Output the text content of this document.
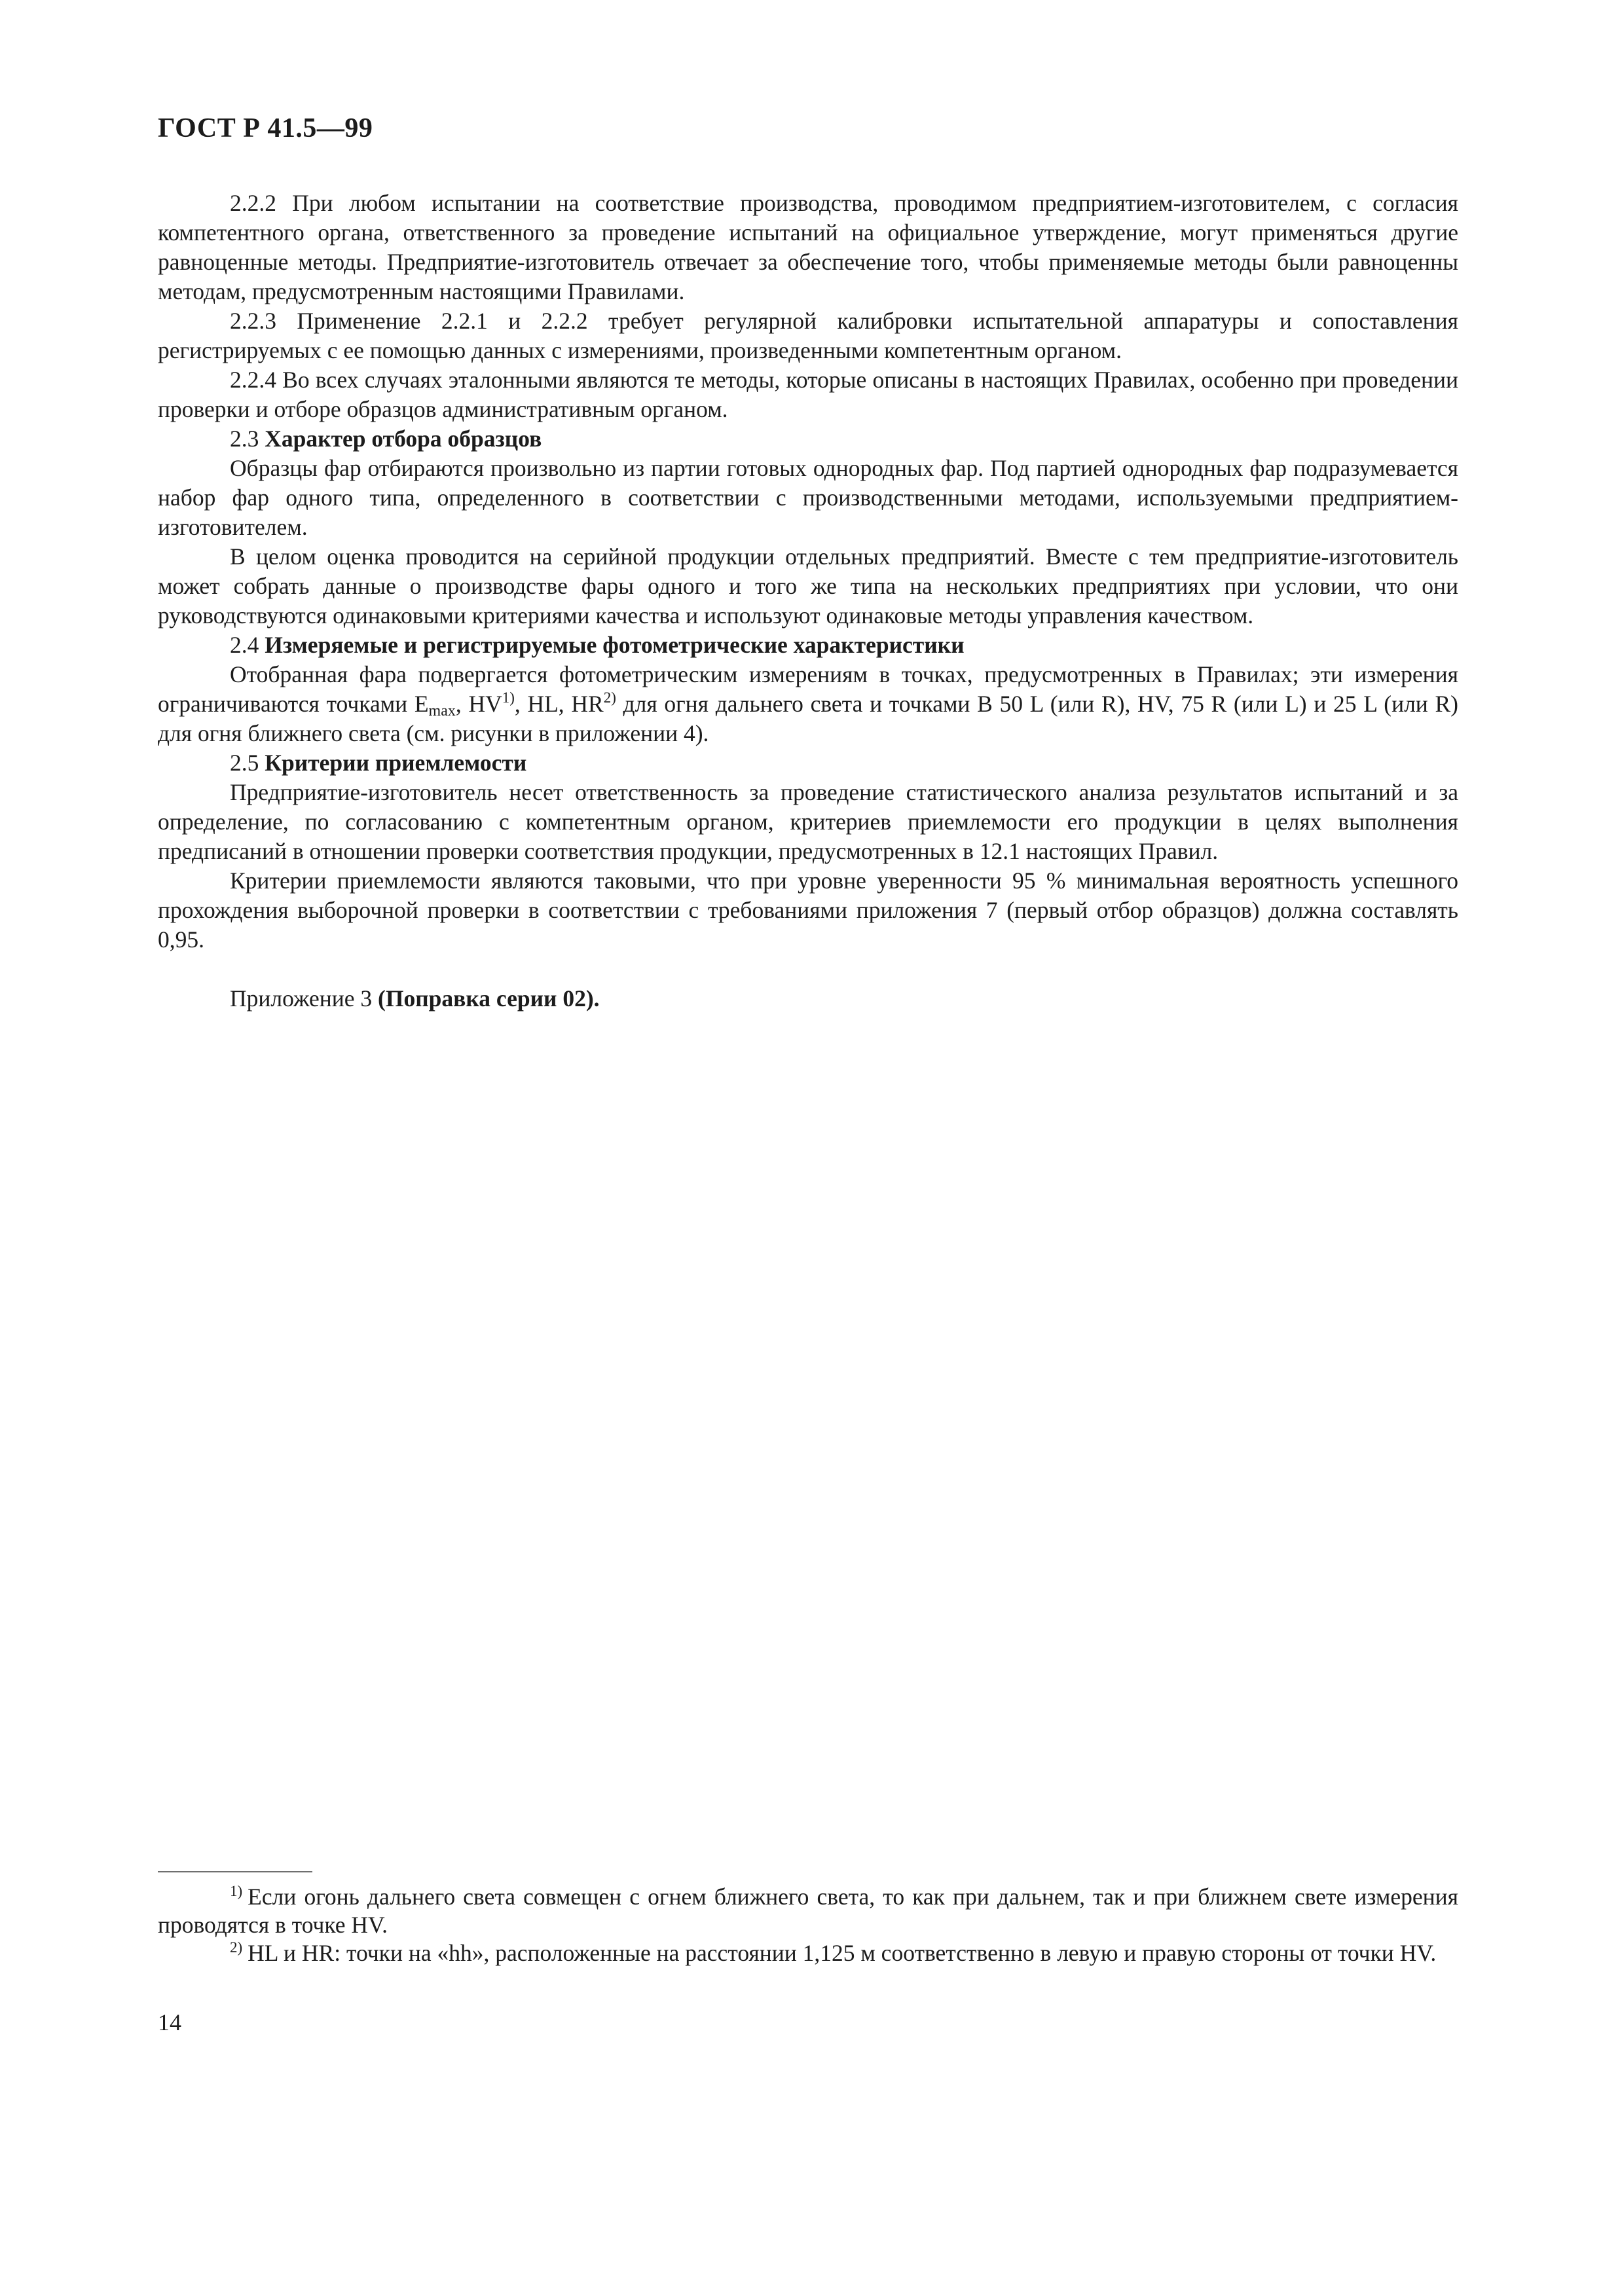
ГОСТ Р 41.5—99

2.2.2 При любом испытании на соответствие производства, проводимом предприятием-изготовителем, с согласия компетентного органа, ответственного за проведение испытаний на официальное утверждение, могут применяться другие равноценные методы. Предприятие-изготовитель отвечает за обеспечение того, чтобы применяемые методы были равноценны методам, предусмотренным настоящими Правилами.

2.2.3 Применение 2.2.1 и 2.2.2 требует регулярной калибровки испытательной аппаратуры и сопоставления регистрируемых с ее помощью данных с измерениями, произведенными компетентным органом.

2.2.4 Во всех случаях эталонными являются те методы, которые описаны в настоящих Правилах, особенно при проведении проверки и отборе образцов административным органом.

2.3 Характер отбора образцов

Образцы фар отбираются произвольно из партии готовых однородных фар. Под партией однородных фар подразумевается набор фар одного типа, определенного в соответствии с производственными методами, используемыми предприятием-изготовителем.

В целом оценка проводится на серийной продукции отдельных предприятий. Вместе с тем предприятие-изготовитель может собрать данные о производстве фары одного и того же типа на нескольких предприятиях при условии, что они руководствуются одинаковыми критериями качества и используют одинаковые методы управления качеством.

2.4 Измеряемые и регистрируемые фотометрические характеристики

Отобранная фара подвергается фотометрическим измерениям в точках, предусмотренных в Правилах; эти измерения ограничиваются точками $E_{max}$, HV$^{1)}$, HL, HR$^{2)}$ для огня дальнего света и точками B 50 L (или R), HV, 75 R (или L) и 25 L (или R) для огня ближнего света (см. рисунки в приложении 4).

2.5 Критерии приемлемости

Предприятие-изготовитель несет ответственность за проведение статистического анализа результатов испытаний и за определение, по согласованию с компетентным органом, критериев приемлемости его продукции в целях выполнения предписаний в отношении проверки соответствия продукции, предусмотренных в 12.1 настоящих Правил.

Критерии приемлемости являются таковыми, что при уровне уверенности 95 % минимальная вероятность успешного прохождения выборочной проверки в соответствии с требованиями приложения 7 (первый отбор образцов) должна составлять 0,95.

Приложение 3 (Поправка серии 02).

$^{1)}$ Если огонь дальнего света совмещен с огнем ближнего света, то как при дальнем, так и при ближнем свете измерения проводятся в точке HV.

$^{2)}$ HL и HR: точки на «hh», расположенные на расстоянии 1,125 м соответственно в левую и правую стороны от точки HV.

14
